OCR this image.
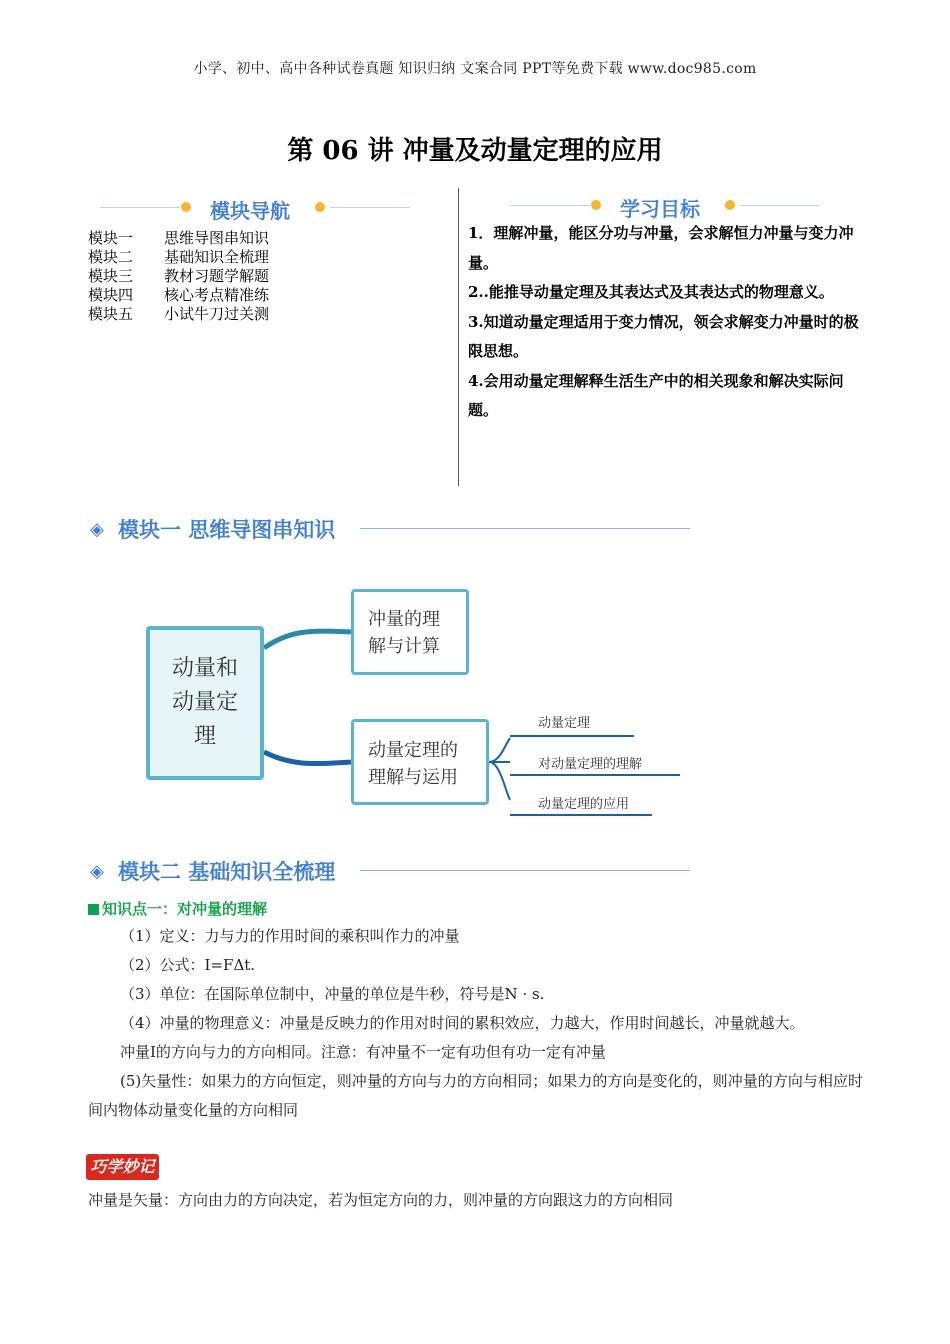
小学、初中、高中各种试卷真题 知识归纳 文案合同 PPT等免费下载 www.doc985.com
第 06 讲 冲量及动量定理的应用
模块导航
模块一 思维导图串知识
模块二 基础知识全梳理
模块三 教材习题学解题
模块四 核心考点精准练
模块五 小试牛刀过关测
学习目标

1．理解冲量，能区分功与冲量，会求解恒力冲量与变力冲量。

2..能推导动量定理及其表达式及其表达式的物理意义。

3.知道动量定理适用于变力情况，领会求解变力冲量时的极限思想。

4.会用动量定理解释生活生产中的相关现象和解决实际问题。

◈ 模块一 思维导图串知识
动量和
动量定
理
冲量的理
解与计算
动量定理的
理解与运用
动量定理
对动量定理的理解
动量定理的应用
◈ 模块二 基础知识全梳理
知识点一：对冲量的理解

（1）定义：力与力的作用时间的乘积叫作力的冲量

（2）公式：I=FΔt.

（3）单位：在国际单位制中，冲量的单位是牛秒，符号是N · s.

（4）冲量的物理意义：冲量是反映力的作用对时间的累积效应，力越大，作用时间越长，冲量就越大。

冲量I的方向与力的方向相同。注意：有冲量不一定有功但有功一定有冲量

(5)矢量性：如果力的方向恒定，则冲量的方向与力的方向相同；如果力的方向是变化的，则冲量的方向与相应时间内物体动量变化量的方向相同

巧学妙记
冲量是矢量：方向由力的方向决定，若为恒定方向的力，则冲量的方向跟这力的方向相同
